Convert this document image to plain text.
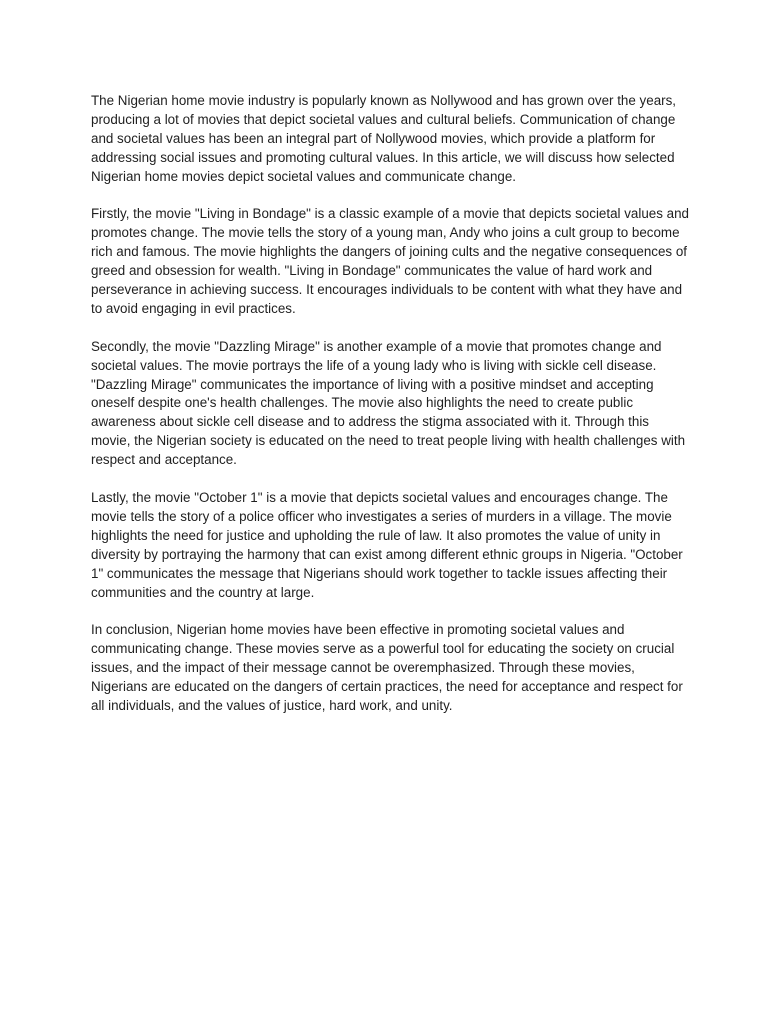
The Nigerian home movie industry is popularly known as Nollywood and has grown over the years, producing a lot of movies that depict societal values and cultural beliefs. Communication of change and societal values has been an integral part of Nollywood movies, which provide a platform for addressing social issues and promoting cultural values. In this article, we will discuss how selected Nigerian home movies depict societal values and communicate change.

Firstly, the movie "Living in Bondage" is a classic example of a movie that depicts societal values and promotes change. The movie tells the story of a young man, Andy who joins a cult group to become rich and famous. The movie highlights the dangers of joining cults and the negative consequences of greed and obsession for wealth. "Living in Bondage" communicates the value of hard work and perseverance in achieving success. It encourages individuals to be content with what they have and to avoid engaging in evil practices.

Secondly, the movie "Dazzling Mirage" is another example of a movie that promotes change and societal values. The movie portrays the life of a young lady who is living with sickle cell disease. "Dazzling Mirage" communicates the importance of living with a positive mindset and accepting oneself despite one's health challenges. The movie also highlights the need to create public awareness about sickle cell disease and to address the stigma associated with it. Through this movie, the Nigerian society is educated on the need to treat people living with health challenges with respect and acceptance.

Lastly, the movie "October 1" is a movie that depicts societal values and encourages change. The movie tells the story of a police officer who investigates a series of murders in a village. The movie highlights the need for justice and upholding the rule of law. It also promotes the value of unity in diversity by portraying the harmony that can exist among different ethnic groups in Nigeria. "October 1" communicates the message that Nigerians should work together to tackle issues affecting their communities and the country at large.

In conclusion, Nigerian home movies have been effective in promoting societal values and communicating change. These movies serve as a powerful tool for educating the society on crucial issues, and the impact of their message cannot be overemphasized. Through these movies, Nigerians are educated on the dangers of certain practices, the need for acceptance and respect for all individuals, and the values of justice, hard work, and unity.
